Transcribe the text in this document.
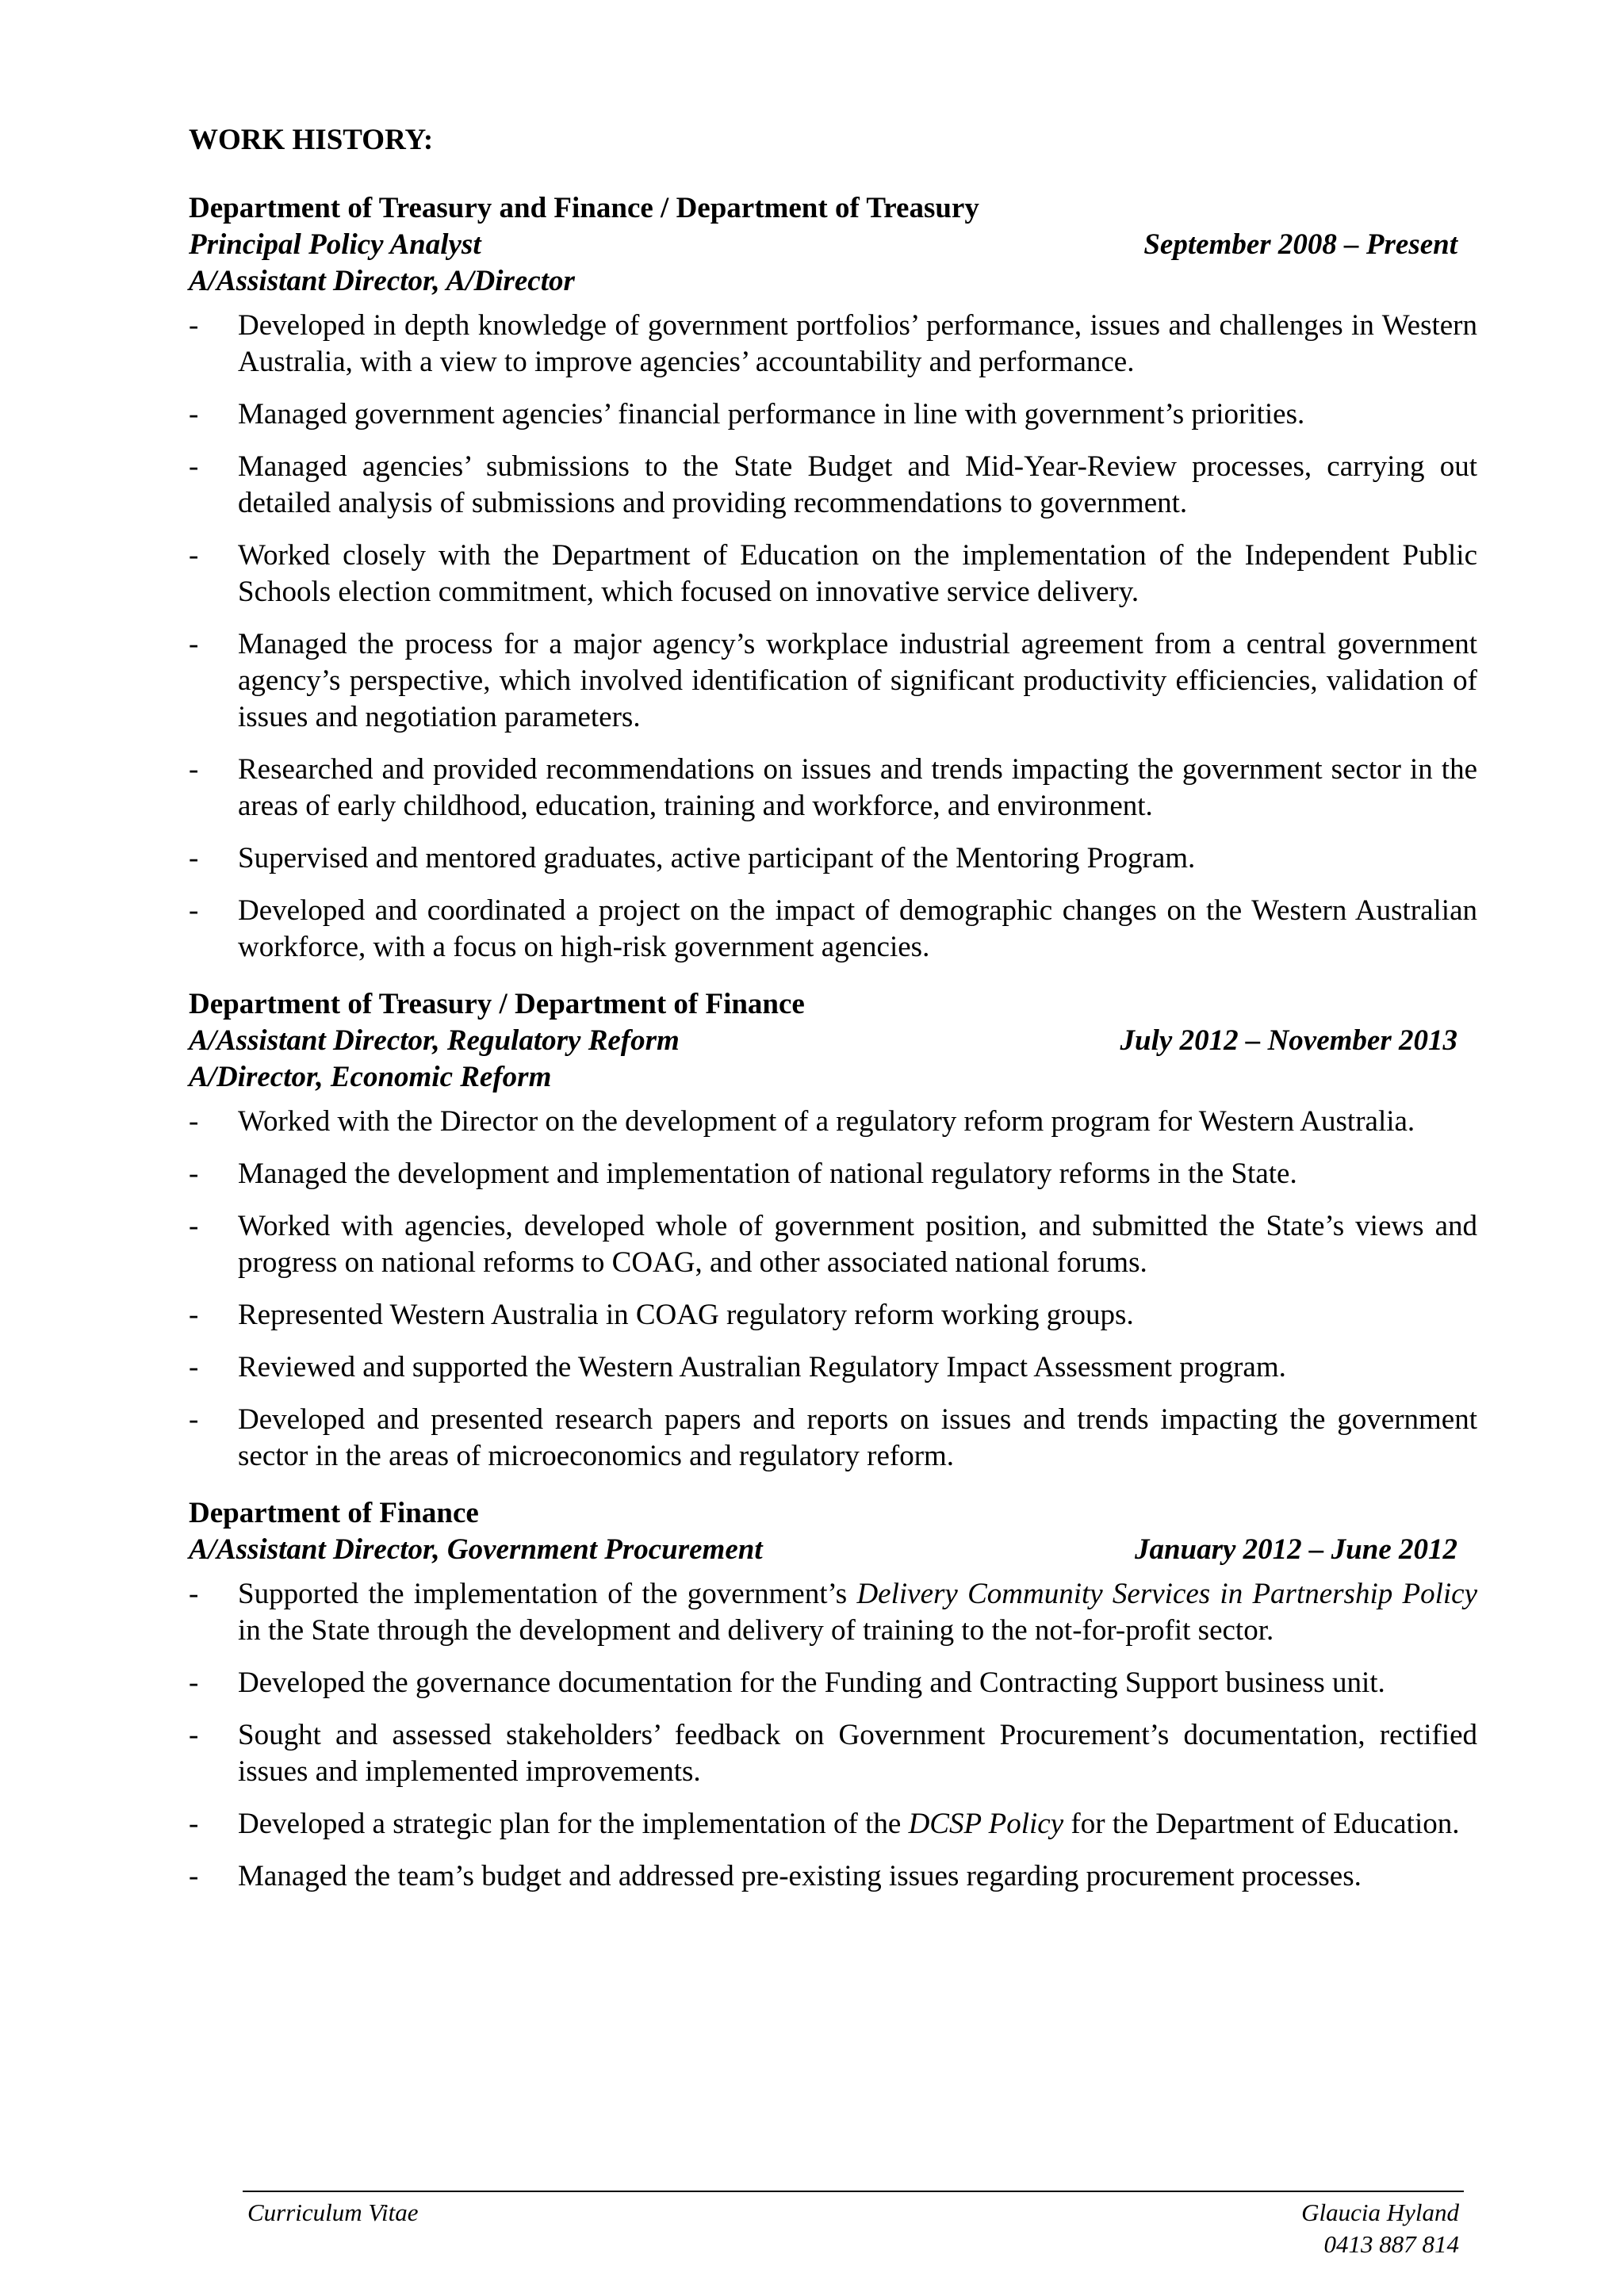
WORK HISTORY:
Department of Treasury and Finance / Department of Treasury
Principal Policy Analyst	September 2008 – Present
A/Assistant Director, A/Director
- Developed in depth knowledge of government portfolios’ performance, issues and challenges in Western Australia, with a view to improve agencies’ accountability and performance.
- Managed government agencies’ financial performance in line with government’s priorities.
- Managed agencies’ submissions to the State Budget and Mid-Year-Review processes, carrying out detailed analysis of submissions and providing recommendations to government.
- Worked closely with the Department of Education on the implementation of the Independent Public Schools election commitment, which focused on innovative service delivery.
- Managed the process for a major agency’s workplace industrial agreement from a central government agency’s perspective, which involved identification of significant productivity efficiencies, validation of issues and negotiation parameters.
- Researched and provided recommendations on issues and trends impacting the government sector in the areas of early childhood, education, training and workforce, and environment.
- Supervised and mentored graduates, active participant of the Mentoring Program.
- Developed and coordinated a project on the impact of demographic changes on the Western Australian workforce, with a focus on high-risk government agencies.
Department of Treasury / Department of Finance
A/Assistant Director, Regulatory Reform	July 2012 – November 2013
A/Director, Economic Reform
- Worked with the Director on the development of a regulatory reform program for Western Australia.
- Managed the development and implementation of national regulatory reforms in the State.
- Worked with agencies, developed whole of government position, and submitted the State’s views and progress on national reforms to COAG, and other associated national forums.
- Represented Western Australia in COAG regulatory reform working groups.
- Reviewed and supported the Western Australian Regulatory Impact Assessment program.
- Developed and presented research papers and reports on issues and trends impacting the government sector in the areas of microeconomics and regulatory reform.
Department of Finance
A/Assistant Director, Government Procurement	January 2012 – June 2012
- Supported the implementation of the government’s Delivery Community Services in Partnership Policy in the State through the development and delivery of training to the not-for-profit sector.
- Developed the governance documentation for the Funding and Contracting Support business unit.
- Sought and assessed stakeholders’ feedback on Government Procurement’s documentation, rectified issues and implemented improvements.
- Developed a strategic plan for the implementation of the DCSP Policy for the Department of Education.
- Managed the team’s budget and addressed pre-existing issues regarding procurement processes.
Curriculum Vitae	Glaucia Hyland
0413 887 814
